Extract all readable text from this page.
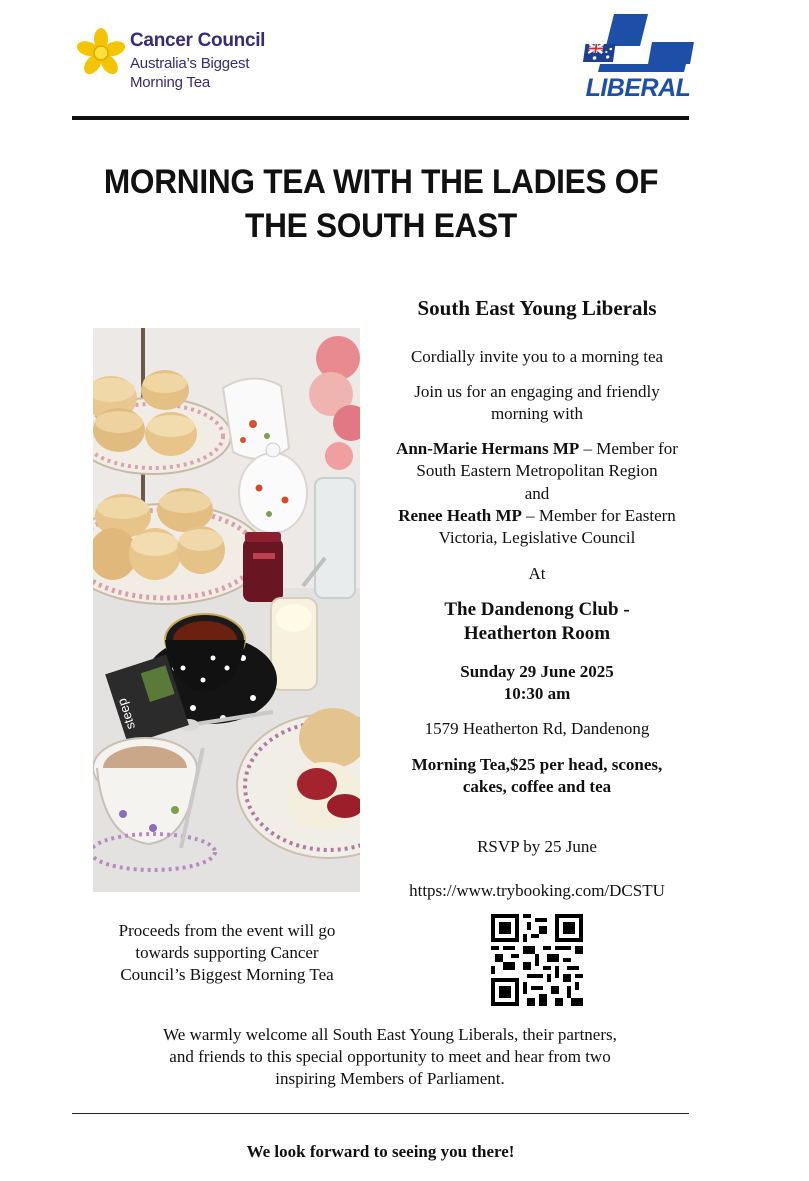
Cancer Council
Australia’s Biggest
Morning Tea	LIBERAL
MORNING TEA WITH THE LADIES OF
THE SOUTH EAST
steep
South East Young Liberals
Cordially invite you to a morning tea
Join us for an engaging and friendly
morning with
Ann-Marie Hermans MP – Member for
South Eastern Metropolitan Region
and
Renee Heath MP – Member for Eastern
Victoria, Legislative Council
At
The Dandenong Club -
Heatherton Room
Sunday 29 June 2025
10:30 am
1579 Heatherton Rd, Dandenong
Morning Tea,$25 per head, scones,
cakes, coffee and tea
RSVP by 25 June
https://www.trybooking.com/DCSTU
Proceeds from the event will go
towards supporting Cancer
Council’s Biggest Morning Tea
We warmly welcome all South East Young Liberals, their partners,
and friends to this special opportunity to meet and hear from two
inspiring Members of Parliament.
We look forward to seeing you there!
